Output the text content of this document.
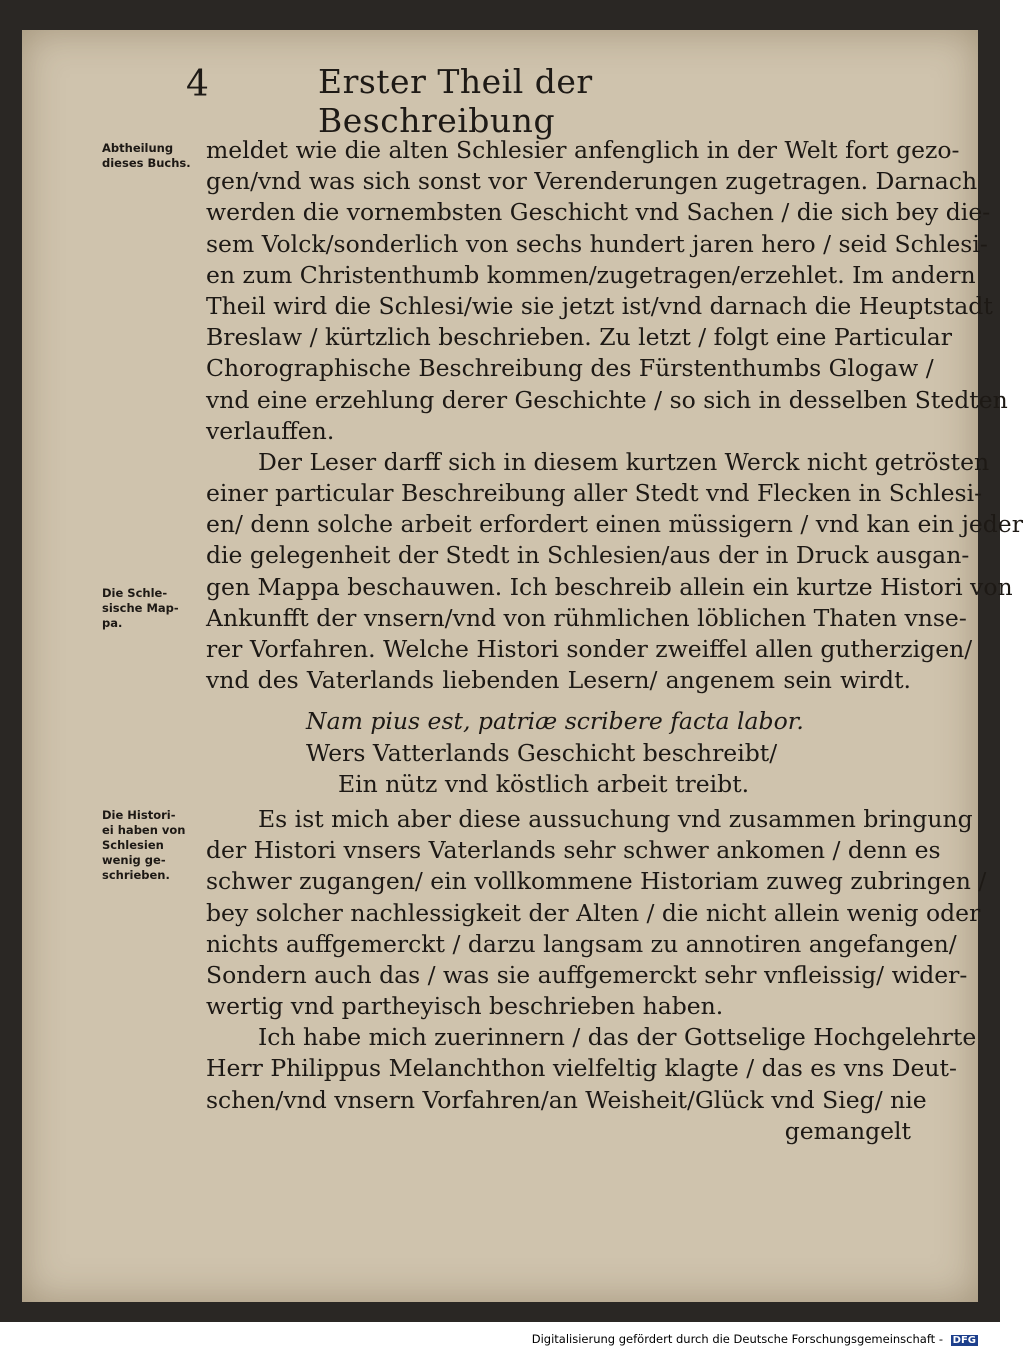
4	Erster Theil der Beschreibung
Abtheilung
dieses Buchs.
Die Schle-
sische Map-
pa.
Die Histori-
ei haben von
Schlesien
wenig ge-
schrieben.
meldet wie die alten Schlesier anfenglich in der Welt fort gezo-
gen/vnd was sich sonst vor Verenderungen zugetragen. Darnach
werden die vornembsten Geschicht vnd Sachen / die sich bey die-
sem Volck/sonderlich von sechs hundert jaren hero / seid Schlesi-
en zum Christenthumb kommen/zugetragen/erzehlet. Im andern
Theil wird die Schlesi/wie sie jetzt ist/vnd darnach die Heuptstadt
Breslaw / kürtzlich beschrieben. Zu letzt / folgt eine Particular
Chorographische Beschreibung des Fürstenthumbs Glogaw /
vnd eine erzehlung derer Geschichte / so sich in desselben Stedten
verlauffen.
Der Leser darff sich in diesem kurtzen Werck nicht getrösten
einer particular Beschreibung aller Stedt vnd Flecken in Schlesi-
en/ denn solche arbeit erfordert einen müssigern / vnd kan ein jeder
die gelegenheit der Stedt in Schlesien/aus der in Druck ausgan-
gen Mappa beschauwen. Ich beschreib allein ein kurtze Histori von
Ankunfft der vnsern/vnd von rühmlichen löblichen Thaten vnse-
rer Vorfahren. Welche Histori sonder zweiffel allen gutherzigen/
vnd des Vaterlands liebenden Lesern/ angenem sein wirdt.
Nam pius est, patriæ scribere facta labor.
Wers Vatterlands Geschicht beschreibt/
Ein nütz vnd köstlich arbeit treibt.
Es ist mich aber diese aussuchung vnd zusammen bringung
der Histori vnsers Vaterlands sehr schwer ankomen / denn es
schwer zugangen/ ein vollkommene Historiam zuweg zubringen /
bey solcher nachlessigkeit der Alten / die nicht allein wenig oder
nichts auffgemerckt / darzu langsam zu annotiren angefangen/
Sondern auch das / was sie auffgemerckt sehr vnfleissig/ wider-
wertig vnd partheyisch beschrieben haben.
Ich habe mich zuerinnern / das der Gottselige Hochgelehrte
Herr Philippus Melanchthon vielfeltig klagte / das es vns Deut-
schen/vnd vnsern Vorfahren/an Weisheit/Glück vnd Sieg/ nie
gemangelt
Digitalisierung gefördert durch die Deutsche Forschungsgemeinschaft - DFG
